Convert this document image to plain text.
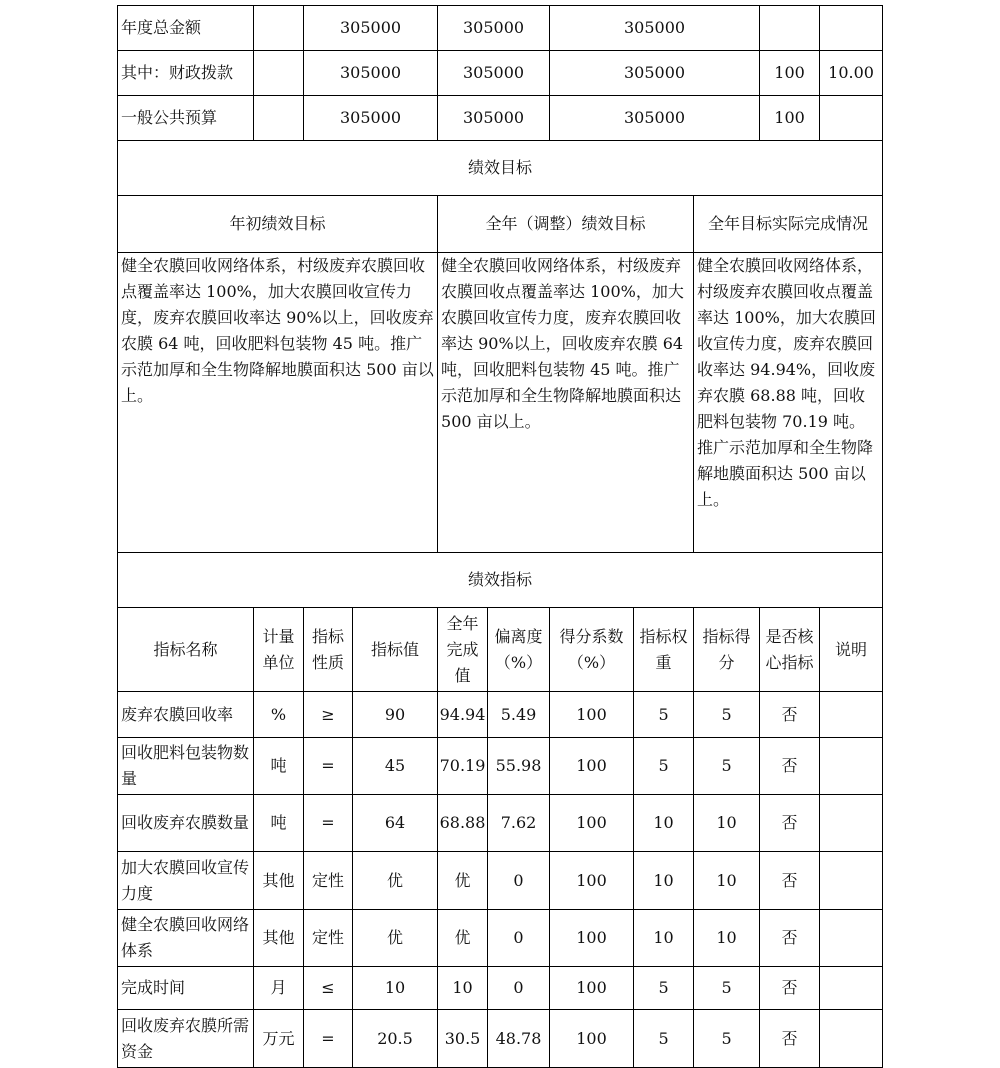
年度总金额		305000		305000		305000				
其中：财政拨款		305000		305000		305000			100	10.00
一般公共预算		305000		305000		305000			100	
绩效目标										
年初绩效目标				全年（调整）绩效目标				全年目标实际完成情况		
健全农膜回收网络体系，村级废弃农膜回收点覆盖率达 100%，加大农膜回收宣传力度，废弃农膜回收率达 90%以上，回收废弃农膜 64 吨，回收肥料包装物 45 吨。推广示范加厚和全生物降解地膜面积达 500 亩以上。				健全农膜回收网络体系，村级废弃农膜回收点覆盖率达 100%，加大农膜回收宣传力度，废弃农膜回收率达 90%以上，回收废弃农膜 64 吨，回收肥料包装物 45 吨。推广示范加厚和全生物降解地膜面积达 500 亩以上。				健全农膜回收网络体系，村级废弃农膜回收点覆盖率达 100%，加大农膜回收宣传力度，废弃农膜回收率达 94.94%，回收废弃农膜 68.88 吨，回收肥料包装物 70.19 吨。推广示范加厚和全生物降解地膜面积达 500 亩以上。		
绩效指标										
指标名称	计量单位	指标性质	指标值	全年完成值	偏离度（%）	得分系数（%）	指标权重	指标得分	是否核心指标	说明
废弃农膜回收率	%	≥	90	94.94	5.49	100	5	5	否	
回收肥料包装物数量	吨	=	45	70.19	55.98	100	5	5	否	
回收废弃农膜数量	吨	=	64	68.88	7.62	100	10	10	否	
加大农膜回收宣传力度	其他	定性	优	优	0	100	10	10	否	
健全农膜回收网络体系	其他	定性	优	优	0	100	10	10	否	
完成时间	月	≤	10	10	0	100	5	5	否	
回收废弃农膜所需资金	万元	=	20.5	30.5	48.78	100	5	5	否	
